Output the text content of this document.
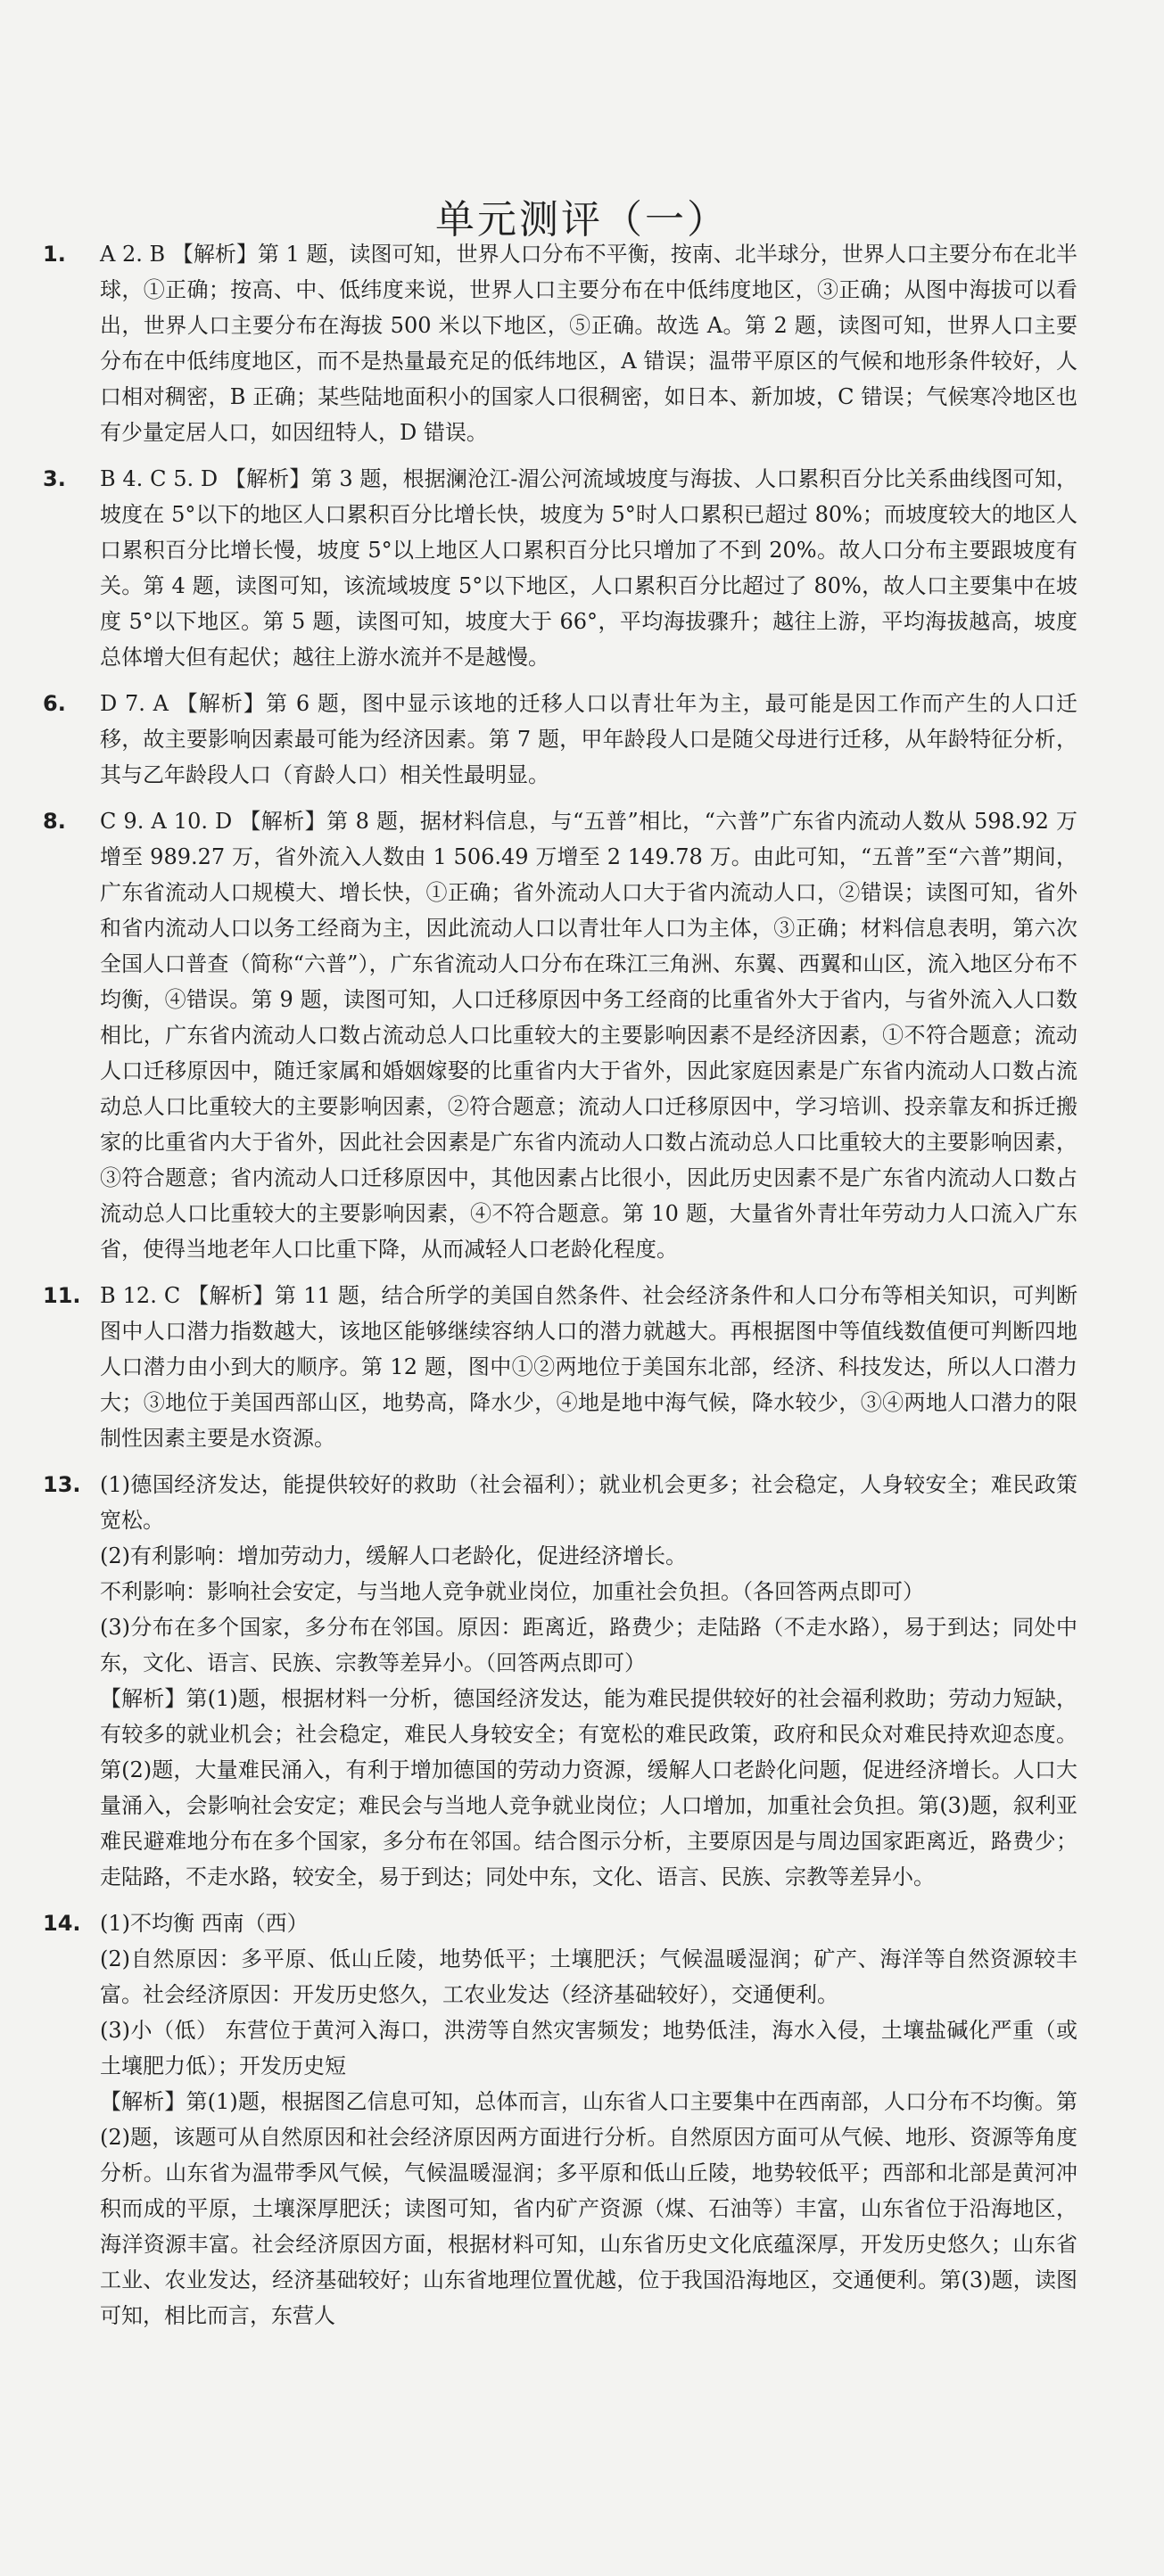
单元测评（一）
1.	A 2. B 【解析】第 1 题，读图可知，世界人口分布不平衡，按南、北半球分，世界人口主要分布在北半球，①正确；按高、中、低纬度来说，世界人口主要分布在中低纬度地区，③正确；从图中海拔可以看出，世界人口主要分布在海拔 500 米以下地区，⑤正确。故选 A。第 2 题，读图可知，世界人口主要分布在中低纬度地区，而不是热量最充足的低纬地区，A 错误；温带平原区的气候和地形条件较好，人口相对稠密，B 正确；某些陆地面积小的国家人口很稠密，如日本、新加坡，C 错误；气候寒冷地区也有少量定居人口，如因纽特人，D 错误。

3.	B 4. C 5. D 【解析】第 3 题，根据澜沧江-湄公河流域坡度与海拔、人口累积百分比关系曲线图可知，坡度在 5°以下的地区人口累积百分比增长快，坡度为 5°时人口累积已超过 80%；而坡度较大的地区人口累积百分比增长慢，坡度 5°以上地区人口累积百分比只增加了不到 20%。故人口分布主要跟坡度有关。第 4 题，读图可知，该流域坡度 5°以下地区，人口累积百分比超过了 80%，故人口主要集中在坡度 5°以下地区。第 5 题，读图可知，坡度大于 66°，平均海拔骤升；越往上游，平均海拔越高，坡度总体增大但有起伏；越往上游水流并不是越慢。

6.	D 7. A 【解析】第 6 题，图中显示该地的迁移人口以青壮年为主，最可能是因工作而产生的人口迁移，故主要影响因素最可能为经济因素。第 7 题，甲年龄段人口是随父母进行迁移，从年龄特征分析，其与乙年龄段人口（育龄人口）相关性最明显。

8.	C 9. A 10. D 【解析】第 8 题，据材料信息，与“五普”相比，“六普”广东省内流动人数从 598.92 万增至 989.27 万，省外流入人数由 1 506.49 万增至 2 149.78 万。由此可知，“五普”至“六普”期间，广东省流动人口规模大、增长快，①正确；省外流动人口大于省内流动人口，②错误；读图可知，省外和省内流动人口以务工经商为主，因此流动人口以青壮年人口为主体，③正确；材料信息表明，第六次全国人口普查（简称“六普”），广东省流动人口分布在珠江三角洲、东翼、西翼和山区，流入地区分布不均衡，④错误。第 9 题，读图可知，人口迁移原因中务工经商的比重省外大于省内，与省外流入人口数相比，广东省内流动人口数占流动总人口比重较大的主要影响因素不是经济因素，①不符合题意；流动人口迁移原因中，随迁家属和婚姻嫁娶的比重省内大于省外，因此家庭因素是广东省内流动人口数占流动总人口比重较大的主要影响因素，②符合题意；流动人口迁移原因中，学习培训、投亲靠友和拆迁搬家的比重省内大于省外，因此社会因素是广东省内流动人口数占流动总人口比重较大的主要影响因素，③符合题意；省内流动人口迁移原因中，其他因素占比很小，因此历史因素不是广东省内流动人口数占流动总人口比重较大的主要影响因素，④不符合题意。第 10 题，大量省外青壮年劳动力人口流入广东省，使得当地老年人口比重下降，从而减轻人口老龄化程度。

11. B 12. C 【解析】第 11 题，结合所学的美国自然条件、社会经济条件和人口分布等相关知识，可判断图中人口潜力指数越大，该地区能够继续容纳人口的潜力就越大。再根据图中等值线数值便可判断四地人口潜力由小到大的顺序。第 12 题，图中①②两地位于美国东北部，经济、科技发达，所以人口潜力大；③地位于美国西部山区，地势高，降水少，④地是地中海气候，降水较少，③④两地人口潜力的限制性因素主要是水资源。

13. (1)德国经济发达，能提供较好的救助（社会福利）；就业机会更多；社会稳定，人身较安全；难民政策宽松。

(2)有利影响：增加劳动力，缓解人口老龄化，促进经济增长。

不利影响：影响社会安定，与当地人竞争就业岗位，加重社会负担。（各回答两点即可）

(3)分布在多个国家，多分布在邻国。原因：距离近，路费少；走陆路（不走水路），易于到达；同处中东，文化、语言、民族、宗教等差异小。（回答两点即可）

【解析】第(1)题，根据材料一分析，德国经济发达，能为难民提供较好的社会福利救助；劳动力短缺，有较多的就业机会；社会稳定，难民人身较安全；有宽松的难民政策，政府和民众对难民持欢迎态度。第(2)题，大量难民涌入，有利于增加德国的劳动力资源，缓解人口老龄化问题，促进经济增长。人口大量涌入，会影响社会安定；难民会与当地人竞争就业岗位；人口增加，加重社会负担。第(3)题，叙利亚难民避难地分布在多个国家，多分布在邻国。结合图示分析，主要原因是与周边国家距离近，路费少；走陆路，不走水路，较安全，易于到达；同处中东，文化、语言、民族、宗教等差异小。

14. (1)不均衡 西南（西）

(2)自然原因：多平原、低山丘陵，地势低平；土壤肥沃；气候温暖湿润；矿产、海洋等自然资源较丰富。社会经济原因：开发历史悠久，工农业发达（经济基础较好），交通便利。

(3)小（低） 东营位于黄河入海口，洪涝等自然灾害频发；地势低洼，海水入侵，土壤盐碱化严重（或土壤肥力低）；开发历史短

【解析】第(1)题，根据图乙信息可知，总体而言，山东省人口主要集中在西南部，人口分布不均衡。第(2)题，该题可从自然原因和社会经济原因两方面进行分析。自然原因方面可从气候、地形、资源等角度分析。山东省为温带季风气候，气候温暖湿润；多平原和低山丘陵，地势较低平；西部和北部是黄河冲积而成的平原，土壤深厚肥沃；读图可知，省内矿产资源（煤、石油等）丰富，山东省位于沿海地区，海洋资源丰富。社会经济原因方面，根据材料可知，山东省历史文化底蕴深厚，开发历史悠久；山东省工业、农业发达，经济基础较好；山东省地理位置优越，位于我国沿海地区，交通便利。第(3)题，读图可知，相比而言，东营人
